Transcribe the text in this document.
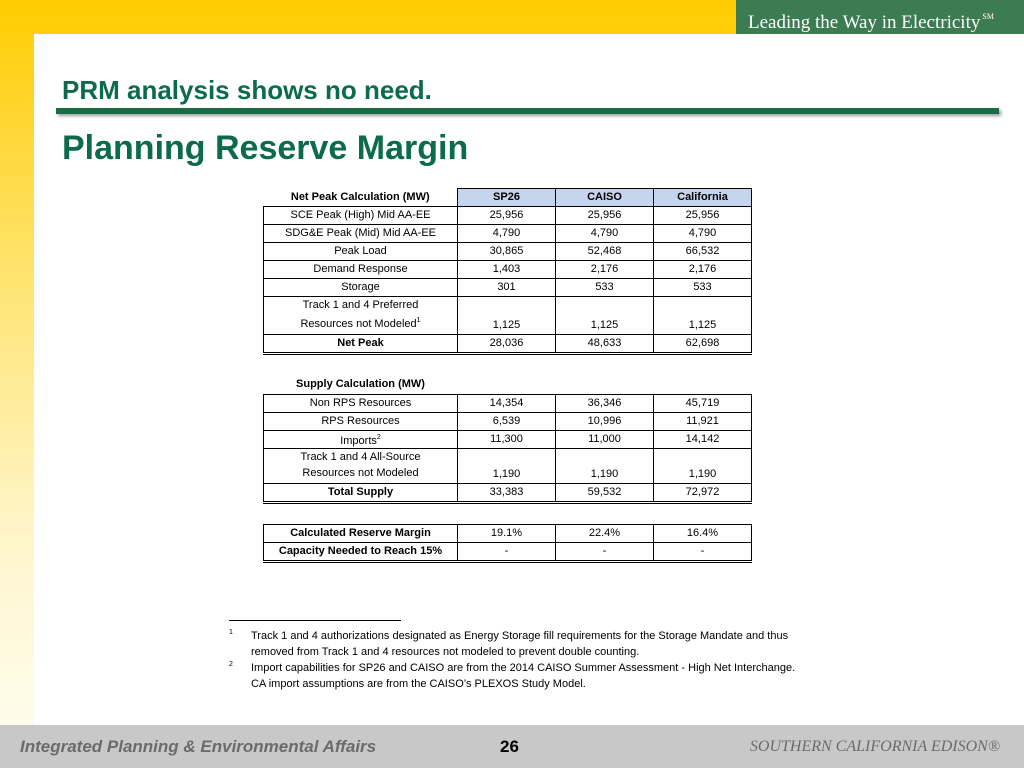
Leading the Way in Electricity ℠
PRM analysis shows no need.
Planning Reserve Margin
Net Peak Calculation (MW)	SP26	CAISO	California
SCE Peak (High) Mid AA-EE	25,956	25,956	25,956
SDG&E Peak (Mid) Mid AA-EE	4,790	4,790	4,790
Peak Load	30,865	52,468	66,532
Demand Response	1,403	2,176	2,176
Storage	301	533	533
Track 1 and 4 Preferred
Resources not Modeled$^1$	1,125	1,125	1,125
Net Peak	28,036	48,633	62,698

Supply Calculation (MW)			
Non RPS Resources	14,354	36,346	45,719
RPS Resources	6,539	10,996	11,921
Imports$^2$	11,300	11,000	14,142
Track 1 and 4 All-Source
Resources not Modeled	1,190	1,190	1,190
Total Supply	33,383	59,532	72,972

Calculated Reserve Margin	19.1%	22.4%	16.4%
Capacity Needed to Reach 15%	-	-	-
1 Track 1 and 4 authorizations designated as Energy Storage fill requirements for the Storage Mandate and thus removed from Track 1 and 4 resources not modeled to prevent double counting.
2 Import capabilities for SP26 and CAISO are from the 2014 CAISO Summer Assessment - High Net Interchange. CA import assumptions are from the CAISO’s PLEXOS Study Model.
Integrated Planning & Environmental Affairs	26	SOUTHERN CALIFORNIA EDISON®
